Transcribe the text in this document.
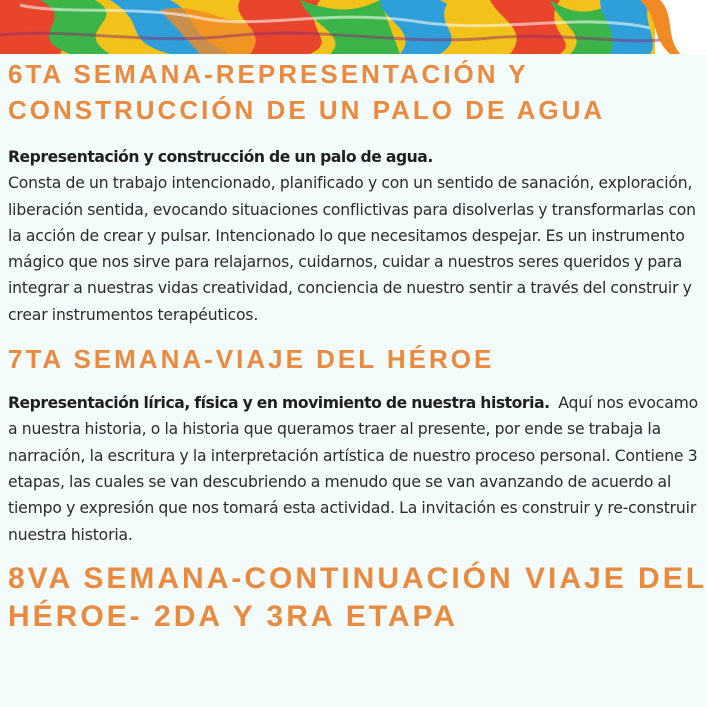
6TA SEMANA-REPRESENTACIÓN Y CONSTRUCCIÓN DE UN PALO DE AGUA

Representación y construcción de un palo de agua.
Consta de un trabajo intencionado, planificado y con un sentido de sanación, exploración, liberación sentida, evocando situaciones conflictivas para disolverlas y transformarlas con la acción de crear y pulsar. Intencionado lo que necesitamos despejar. Es un instrumento mágico que nos sirve para relajarnos, cuidarnos, cuidar a nuestros seres queridos y para integrar a nuestras vidas creatividad, conciencia de nuestro sentir a través del construir y crear instrumentos terapéuticos.

7TA SEMANA-VIAJE DEL HÉROE

Representación lírica, física y en movimiento de nuestra historia. Aquí nos evocamo a nuestra historia, o la historia que queramos traer al presente, por ende se trabaja la narración, la escritura y la interpretación artística de nuestro proceso personal. Contiene 3 etapas, las cuales se van descubriendo a menudo que se van avanzando de acuerdo al tiempo y expresión que nos tomará esta actividad. La invitación es construir y re-construir nuestra historia.

8VA SEMANA-CONTINUACIÓN VIAJE DEL HÉROE- 2DA Y 3RA ETAPA
